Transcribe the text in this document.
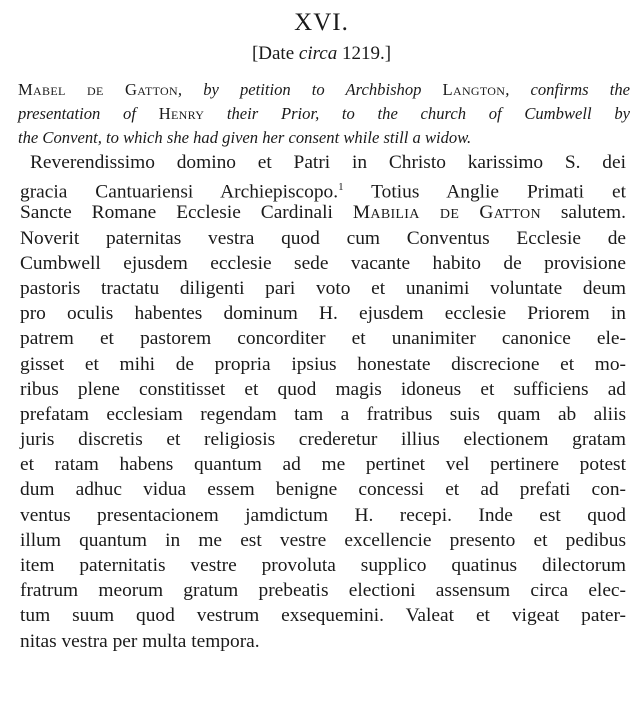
XVI.
[Date circa 1219.]
Mabel de Gatton, by petition to Archbishop Langton, confirms the
presentation of Henry their Prior, to the church of Cumbwell by
the Convent, to which she had given her consent while still a widow.
Reverendissimo domino et Patri in Christo karissimo S. dei
gracia Cantuariensi Archiepiscopo.$^1$ Totius Anglie Primati et
Sancte Romane Ecclesie Cardinali Mabilia de Gatton salutem.
Noverit paternitas vestra quod cum Conventus Ecclesie de
Cumbwell ejusdem ecclesie sede vacante habito de provisione
pastoris tractatu diligenti pari voto et unanimi voluntate deum
pro oculis habentes dominum H. ejusdem ecclesie Priorem in
patrem et pastorem concorditer et unanimiter canonice ele-
gisset et mihi de propria ipsius honestate discrecione et mo-
ribus plene constitisset et quod magis idoneus et sufficiens ad
prefatam ecclesiam regendam tam a fratribus suis quam ab aliis
juris discretis et religiosis crederetur illius electionem gratam
et ratam habens quantum ad me pertinet vel pertinere potest
dum adhuc vidua essem benigne concessi et ad prefati con-
ventus presentacionem jamdictum H. recepi. Inde est quod
illum quantum in me est vestre excellencie presento et pedibus
item paternitatis vestre provoluta supplico quatinus dilectorum
fratrum meorum gratum prebeatis electioni assensum circa elec-
tum suum quod vestrum exsequemini. Valeat et vigeat pater-
nitas vestra per multa tempora.
